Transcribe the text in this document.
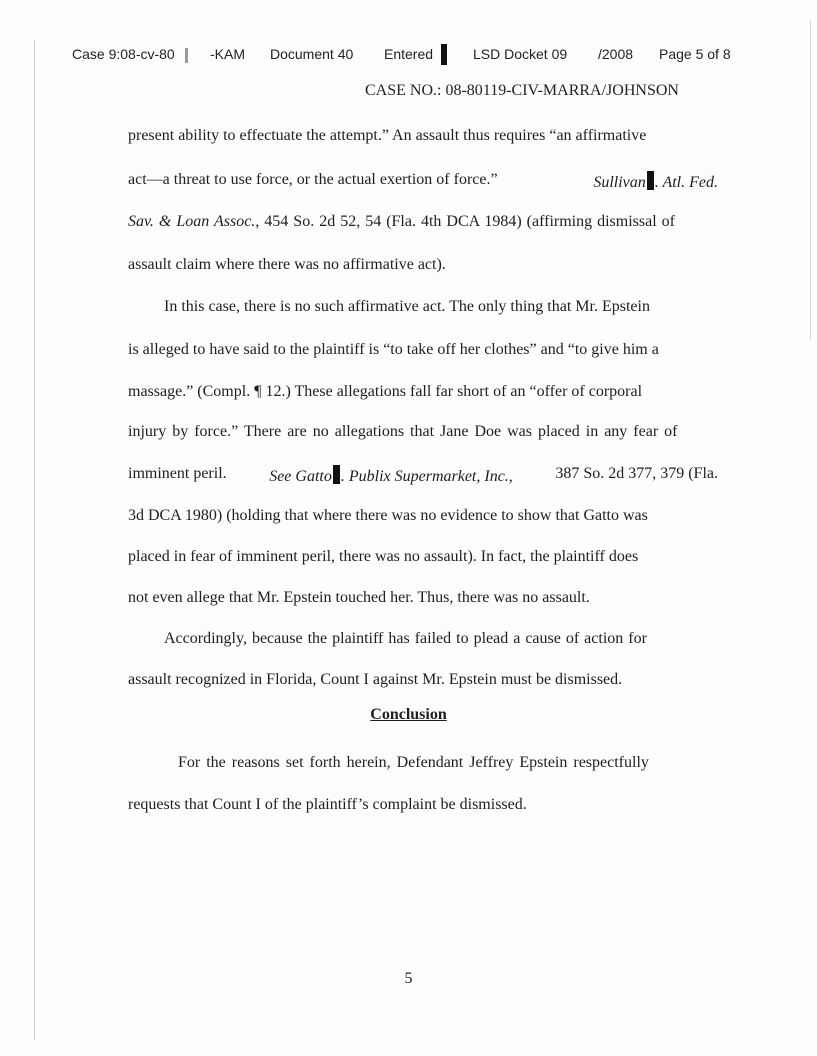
Case 9:08-cv-80	-KAM Document 40 Entered	LSD Docket 09 /2008 Page 5 of 8
CASE NO.: 08-80119-CIV-MARRA/JOHNSON
present ability to effectuate the attempt.” An assault thus requires “an affirmative
act—a threat to use force, or the actual exertion of force.”	Sullivan . Atl. Fed.
Sav. & Loan Assoc., 454 So. 2d 52, 54 (Fla. 4th DCA 1984) (affirming dismissal of
assault claim where there was no affirmative act).
In this case, there is no such affirmative act. The only thing that Mr. Epstein
is alleged to have said to the plaintiff is “to take off her clothes” and “to give him a
massage.” (Compl. ¶ 12.) These allegations fall far short of an “offer of corporal
injury by force.” There are no allegations that Jane Doe was placed in any fear of
imminent peril.	See Gatto . Publix Supermarket, Inc.,	387 So. 2d 377, 379 (Fla.
3d DCA 1980) (holding that where there was no evidence to show that Gatto was
placed in fear of imminent peril, there was no assault). In fact, the plaintiff does
not even allege that Mr. Epstein touched her. Thus, there was no assault.
Accordingly, because the plaintiff has failed to plead a cause of action for
assault recognized in Florida, Count I against Mr. Epstein must be dismissed.
For the reasons set forth herein, Defendant Jeffrey Epstein respectfully
requests that Count I of the plaintiff’s complaint be dismissed.
Conclusion
5
